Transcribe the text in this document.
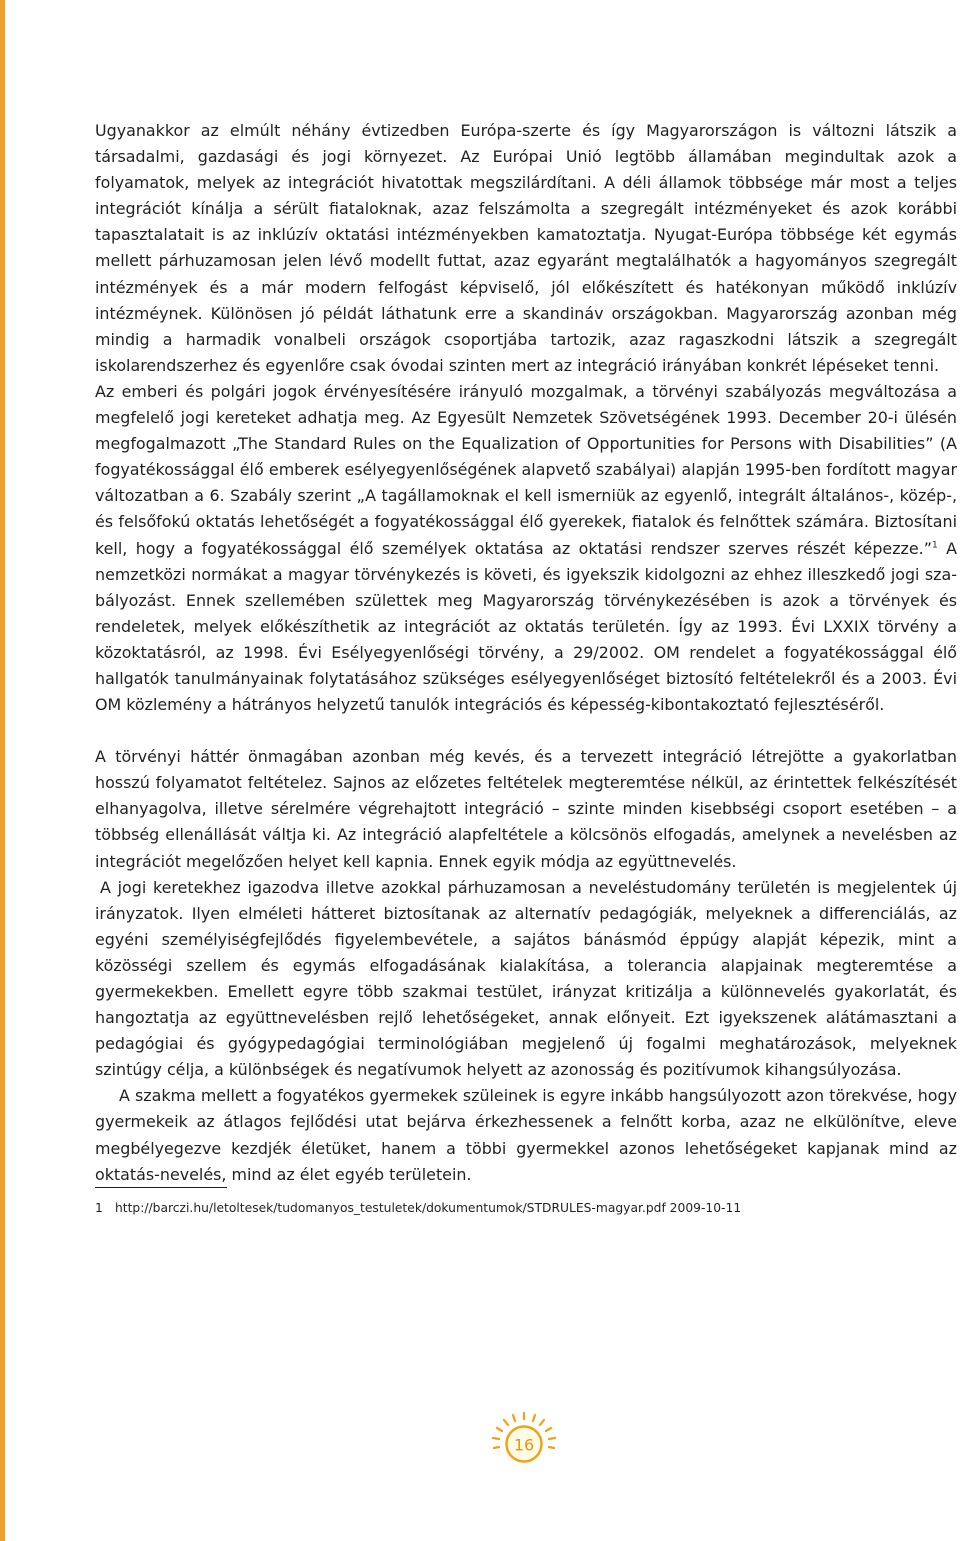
Ugyanakkor az elmúlt néhány évtizedben Európa-szerte és így Magyarországon is változni látszik a társadalmi, gazdasági és jogi környezet. Az Európai Unió legtöbb államában megindultak azok a folyamatok, melyek az integrációt hivatottak megszilárdítani. A déli államok többsége már most a teljes integrációt kínálja a sérült fiataloknak, azaz felszámolta a szegregált intézményeket és azok korábbi tapasztalatait is az inklúzív oktatási intézményekben kamatoztatja. Nyugat-Európa többsége két egymás mellett párhuzamosan jelen lévő modellt futtat, azaz egyaránt megtalálhatók a hagyományos szegregált intézmények és a már modern felfogást képviselő, jól előkészített és hatékonyan működő inklúzív intézméynek. Különösen jó példát láthatunk erre a skandináv országokban. Magyarország azonban még mindig a harmadik vonalbeli országok csoportjába tartozik, azaz ragaszkodni látszik a szegregált iskolarendszerhez és egyenlőre csak óvodai szinten mert az integráció irányában konkrét lépéseket tenni.

Az emberi és polgári jogok érvényesítésére irányuló mozgalmak, a törvényi szabályozás megváltozása a megfelelő jogi kereteket adhatja meg. Az Egyesült Nemzetek Szövetségének 1993. December 20-i ülésén megfogalmazott „The Standard Rules on the Equalization of Opportunities for Persons with Disabilities” (A fogyatékossággal élő emberek esélyegyenlőségének alapvető szabályai) alapján 1995-ben fordított magyar változatban a 6. Szabály szerint „A tagállamoknak el kell ismerniük az egyenlő, integrált általános-, közép-, és felsőfokú oktatás lehetőségét a fogyatékossággal élő gyerekek, fiatalok és felnőttek számára. Biztosítani kell, hogy a fogyatékossággal élő személyek oktatása az oktatási rendszer szerves részét képezze.”$^1$ A nemzetközi normákat a magyar törvénykezés is követi, és igyekszik kidolgozni az ehhez illeszkedő jogi szabályozást. Ennek szellemében születtek meg Magyarország törvénykezésében is azok a törvények és rendeletek, melyek előkészíthetik az integrációt az oktatás területén. Így az 1993. Évi LXXIX törvény a közoktatásról, az 1998. Évi Esélyegyenlőségi törvény, a 29/2002. OM rendelet a fogyatékossággal élő hallgatók tanulmányainak folytatásához szükséges esélyegyenlőséget biztosító feltételekről és a 2003. Évi OM közlemény a hátrányos helyzetű tanulók integrációs és képesség-kibontakoztató fejlesztéséről.

A törvényi háttér önmagában azonban még kevés, és a tervezett integráció létrejötte a gyakorlatban hosszú folyamatot feltételez. Sajnos az előzetes feltételek megteremtése nélkül, az érintettek felkészítését elhanyagolva, illetve sérelmére végrehajtott integráció – szinte minden kisebbségi csoport esetében – a többség ellenállását váltja ki. Az integráció alapfeltétele a kölcsönös elfogadás, amelynek a nevelésben az integrációt megelőzően helyet kell kapnia. Ennek egyik módja az együttnevelés.

A jogi keretekhez igazodva illetve azokkal párhuzamosan a neveléstudomány területén is megjelentek új irányzatok. Ilyen elméleti hátteret biztosítanak az alternatív pedagógiák, melyeknek a differenciálás, az egyéni személyiségfejlődés figyelembevétele, a sajátos bánásmód éppúgy alapját képezik, mint a közösségi szellem és egymás elfogadásának kialakítása, a tolerancia alapjainak megteremtése a gyermekekben. Emellett egyre több szakmai testület, irányzat kritizálja a különnevelés gyakorlatát, és hangoztatja az együttnevelésben rejlő lehetőségeket, annak előnyeit. Ezt igyekszenek alátámasztani a pedagógiai és gyógypedagógiai terminológiában megjelenő új fogalmi meghatározások, melyeknek szintúgy célja, a különbségek és negatívumok helyett az azonosság és pozitívumok kihangsúlyozása.

A szakma mellett a fogyatékos gyermekek szüleinek is egyre inkább hangsúlyozott azon törekvése, hogy gyermekeik az átlagos fejlődési utat bejárva érkezhessenek a felnőtt korba, azaz ne elkülönítve, eleve megbélyegezve kezdjék életüket, hanem a többi gyermekkel azonos lehetőségeket kapjanak mind az oktatás-nevelés, mind az élet egyéb területein.

1 http://barczi.hu/letoltesek/tudomanyos_testuletek/dokumentumok/STDRULES-magyar.pdf 2009-10-11

16
